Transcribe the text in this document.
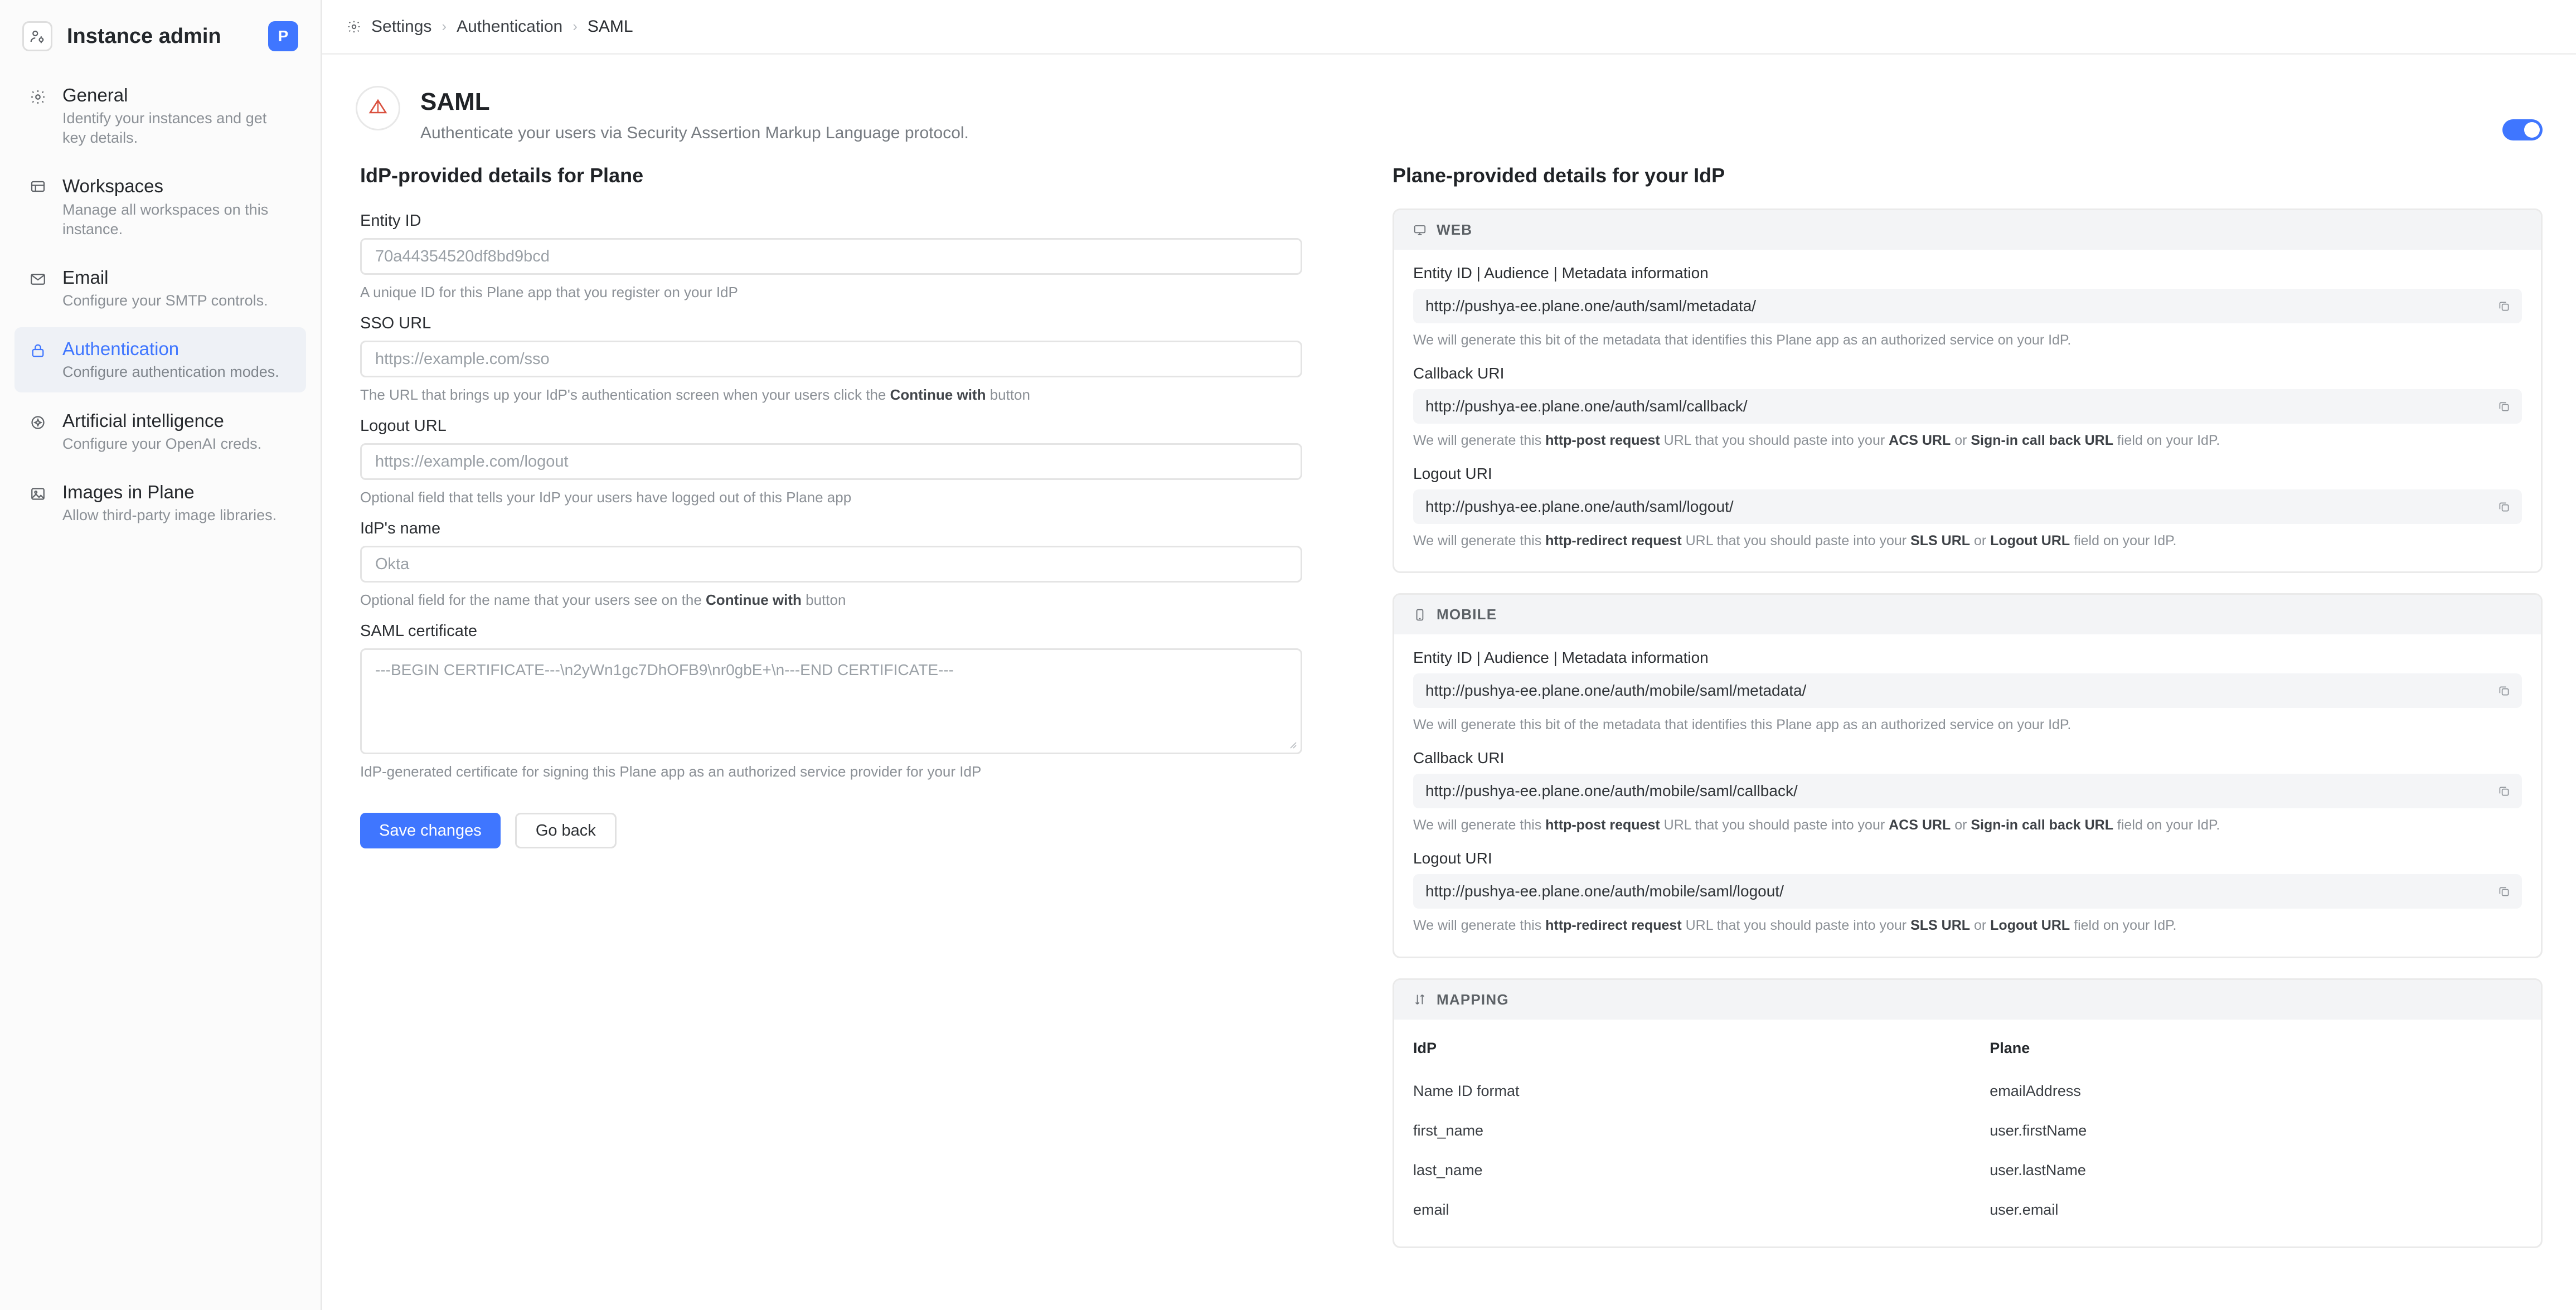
Instance admin	P
General
Identify your instances and get key details.
Workspaces
Manage all workspaces on this instance.
Email
Configure your SMTP controls.
Authentication
Configure authentication modes.
Artificial intelligence
Configure your OpenAI creds.
Images in Plane
Allow third-party image libraries.
Settings › Authentication › SAML
SAML
Authenticate your users via Security Assertion Markup Language protocol.
IdP-provided details for Plane
Entity ID
70a44354520df8bd9bcd
A unique ID for this Plane app that you register on your IdP
SSO URL
https://example.com/sso
The URL that brings up your IdP's authentication screen when your users click the Continue with button
Logout URL
https://example.com/logout
Optional field that tells your IdP your users have logged out of this Plane app
IdP's name
Okta
Optional field for the name that your users see on the Continue with button
SAML certificate
---BEGIN CERTIFICATE---\n2yWn1gc7DhOFB9\nr0gbE+\n---END CERTIFICATE---
IdP-generated certificate for signing this Plane app as an authorized service provider for your IdP
Save changes	Go back
Plane-provided details for your IdP
WEB
Entity ID | Audience | Metadata information
http://pushya-ee.plane.one/auth/saml/metadata/
We will generate this bit of the metadata that identifies this Plane app as an authorized service on your IdP.
Callback URI
http://pushya-ee.plane.one/auth/saml/callback/
We will generate this http-post request URL that you should paste into your ACS URL or Sign-in call back URL field on your IdP.
Logout URI
http://pushya-ee.plane.one/auth/saml/logout/
We will generate this http-redirect request URL that you should paste into your SLS URL or Logout URL field on your IdP.
MOBILE
Entity ID | Audience | Metadata information
http://pushya-ee.plane.one/auth/mobile/saml/metadata/
We will generate this bit of the metadata that identifies this Plane app as an authorized service on your IdP.
Callback URI
http://pushya-ee.plane.one/auth/mobile/saml/callback/
We will generate this http-post request URL that you should paste into your ACS URL or Sign-in call back URL field on your IdP.
Logout URI
http://pushya-ee.plane.one/auth/mobile/saml/logout/
We will generate this http-redirect request URL that you should paste into your SLS URL or Logout URL field on your IdP.
MAPPING
IdP	Plane
Name ID format	emailAddress
first_name	user.firstName
last_name	user.lastName
email	user.email
